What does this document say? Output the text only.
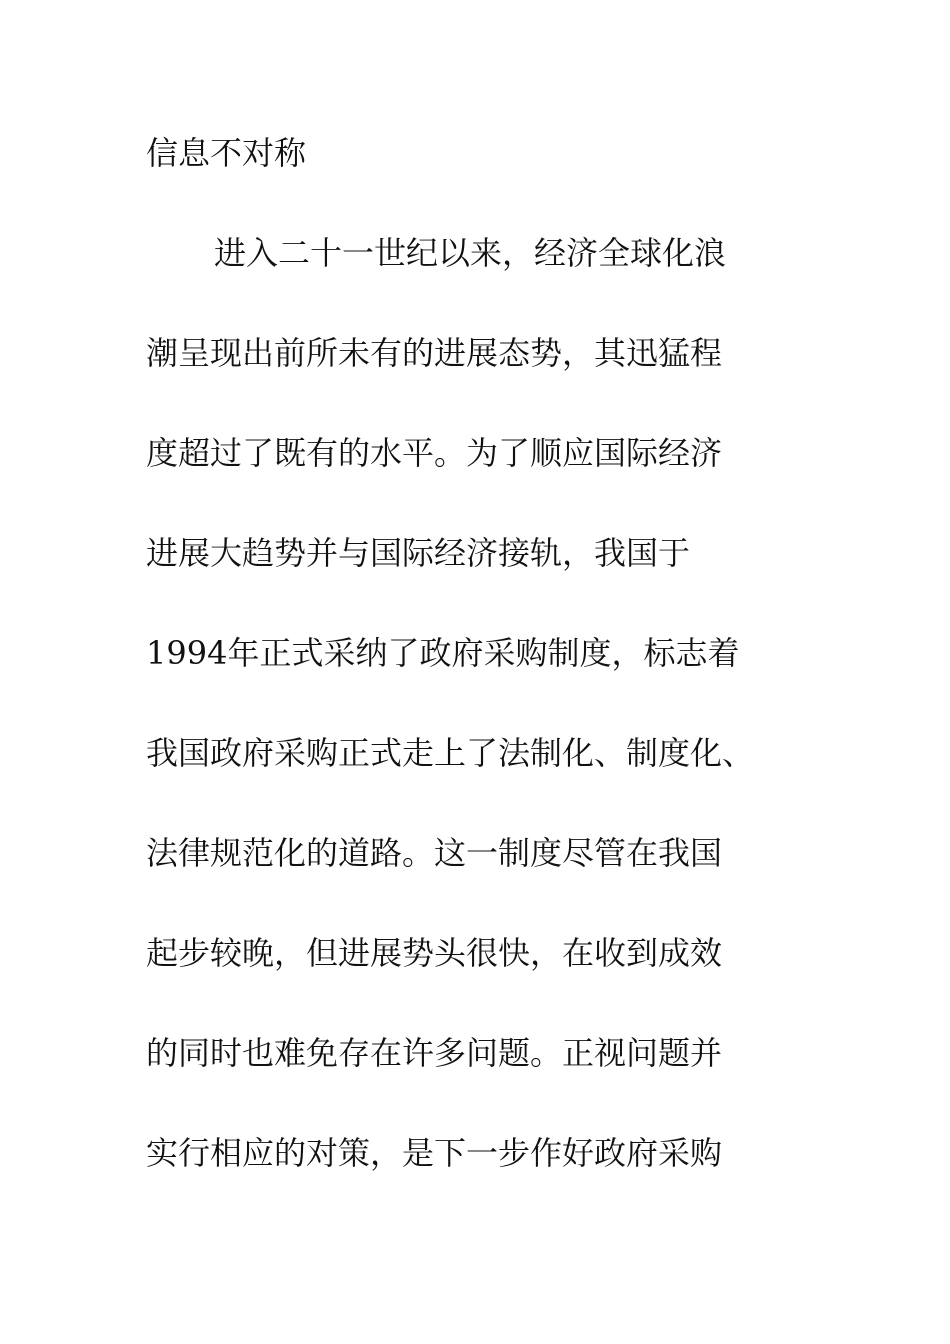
信息不对称
进入二十一世纪以来，经济全球化浪
潮呈现出前所未有的进展态势，其迅猛程
度超过了既有的水平。为了顺应国际经济
进展大趋势并与国际经济接轨，我国于
1994年正式采纳了政府采购制度，标志着
我国政府采购正式走上了法制化、制度化、
法律规范化的道路。这一制度尽管在我国
起步较晚，但进展势头很快，在收到成效
的同时也难免存在许多问题。正视问题并
实行相应的对策，是下一步作好政府采购
